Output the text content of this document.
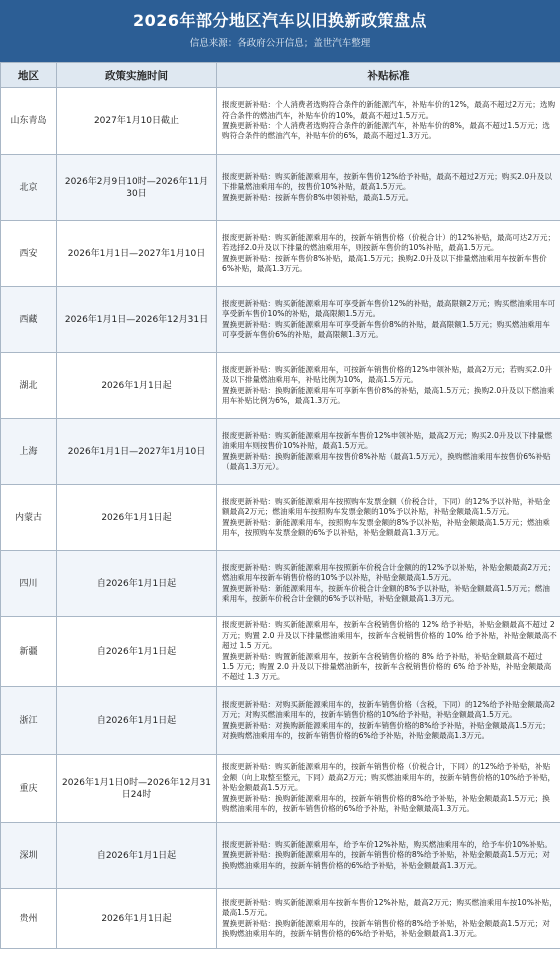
2026年部分地区汽车以旧换新政策盘点
信息来源：各政府公开信息；盖世汽车整理
地区	政策实施时间	补贴标准
山东青岛	2027年1月10日截止	报废更新补贴：个人消费者选购符合条件的新能源汽车，补贴车价的12%，最高不超过2万元；选购符合条件的燃油汽车，补贴车价的10%，最高不超过1.5万元。
置换更新补贴：个人消费者选购符合条件的新能源汽车，补贴车价的8%，最高不超过1.5万元；选购符合条件的燃油汽车，补贴车价的6%，最高不超过1.3万元。
北京	2026年2月9日10时—2026年11月30日	报废更新补贴：购买新能源乘用车，按新车售价12%给予补贴，最高不超过2万元；购买2.0升及以下排量燃油乘用车的，按售价10%补贴，最高1.5万元。
置换更新补贴：按新车售价8%申领补贴，最高1.5万元。
西安	2026年1月1日—2027年1月10日	报废更新补贴：购买新能源乘用车的，按新车销售价格（价税合计）的12%补贴，最高可达2万元；若选择2.0升及以下排量的燃油乘用车，则按新车售价的10%补贴，最高1.5万元。
置换更新补贴：按新车售价8%补贴，最高1.5万元；换购2.0升及以下排量燃油乘用车按新车售价6%补贴，最高1.3万元。
西藏	2026年1月1日—2026年12月31日	报废更新补贴：购买新能源乘用车可享受新车售价12%的补贴，最高限额2万元；购买燃油乘用车可享受新车售价10%的补贴，最高限额1.5万元。
置换更新补贴：购买新能源乘用车可享受新车售价8%的补贴，最高限额1.5万元；购买燃油乘用车可享受新车售价6%的补贴，最高限额1.3万元。
湖北	2026年1月1日起	报废更新补贴：购买新能源乘用车，可按新车销售价格的12%申领补贴，最高2万元；若购买2.0升及以下排量燃油乘用车，补贴比例为10%，最高1.5万元。
置换更新补贴：换购新能源乘用车可享新车售价8%的补贴，最高1.5万元；换购2.0升及以下燃油乘用车补贴比例为6%，最高1.3万元。
上海	2026年1月1日—2027年1月10日	报废更新补贴：购买新能源乘用车按新车售价12%申领补贴，最高2万元；购买2.0升及以下排量燃油乘用车则按售价10%补贴，最高1.5万元。
置换更新补贴：换购新能源乘用车按售价8%补贴（最高1.5万元），换购燃油乘用车按售价6%补贴（最高1.3万元）。
内蒙古	2026年1月1日起	报废更新补贴：购买新能源乘用车按照购车发票金额（价税合计，下同）的12%予以补贴，补贴金额最高2万元；燃油乘用车按照购车发票金额的10%予以补贴，补贴金额最高1.5万元。
置换更新补贴：新能源乘用车，按照购车发票金额的8%予以补贴，补贴金额最高1.5万元；燃油乘用车，按照购车发票金额的6%予以补贴，补贴金额最高1.3万元。
四川	自2026年1月1日起	报废更新补贴：购买新能源乘用车按照新车价税合计金额的的12%予以补贴，补贴金额最高2万元；燃油乘用车按新车销售价格的10%予以补贴，补贴金额最高1.5万元。
置换更新补贴：新能源乘用车，按新车价税合计金额的8%予以补贴，补贴金额最高1.5万元；燃油乘用车，按新车价税合计金额的6%予以补贴，补贴金额最高1.3万元。
新疆	自2026年1月1日起	报废更新补贴：购买新能源乘用车，按新车含税销售价格的 12% 给予补贴，补贴金额最高不超过 2 万元；购置 2.0 升及以下排量燃油乘用车，按新车含税销售价格的 10% 给予补贴，补贴金额最高不超过 1.5 万元。
置换更新补贴：购置新能源乘用车，按新车含税销售价格的 8% 给予补贴，补贴金额最高不超过 1.5 万元；购置 2.0 升及以下排量燃油新车，按新车含税销售价格的 6% 给予补贴，补贴金额最高不超过 1.3 万元。
浙江	自2026年1月1日起	报废更新补贴：对购买新能源乘用车的，按新车销售价格（含税，下同）的12%给予补贴金额最高2万元；对购买燃油乘用车的，按新车销售价格的10%给予补贴，补贴金额最高1.5万元。
置换更新补贴：对换购新能源乘用车的，按新车销售价格的8%给予补贴，补贴金额最高1.5万元；对换购燃油乘用车的，按新车销售价格的6%给予补贴，补贴金额最高1.3万元。
重庆	2026年1月1日0时—2026年12月31日24时	报废更新补贴：购买新能源乘用车的，按新车销售价格（价税合计，下同）的12%给予补贴，补贴金额（向上取整至整元，下同）最高2万元；购买燃油乘用车的，按新车销售价格的10%给予补贴，补贴金额最高1.5万元。
置换更新补贴：换购新能源乘用车的，按新车销售价格的8%给予补贴，补贴金额最高1.5万元；换购燃油乘用车的，按新车销售价格的6%给予补贴，补贴金额最高1.3万元。
深圳	自2026年1月1日起	报废更新补贴：购买新能源乘用车，给予车价12%补贴，购买燃油乘用车的，给予车价10%补贴。
置换更新补贴：换购新能源乘用车的，按新车销售价格的8%给予补贴，补贴金额最高1.5万元；对换购燃油乘用车的，按新车销售价格的6%给予补贴，补贴金额最高1.3万元。
贵州	2026年1月1日起	报废更新补贴：购买新能源乘用车按新车售价12%补贴，最高2万元；购买燃油乘用车按10%补贴，最高1.5万元。
置换更新补贴：换购新能源乘用车的，按新车销售价格的8%给予补贴，补贴金额最高1.5万元；对换购燃油乘用车的，按新车销售价格的6%给予补贴，补贴金额最高1.3万元。
